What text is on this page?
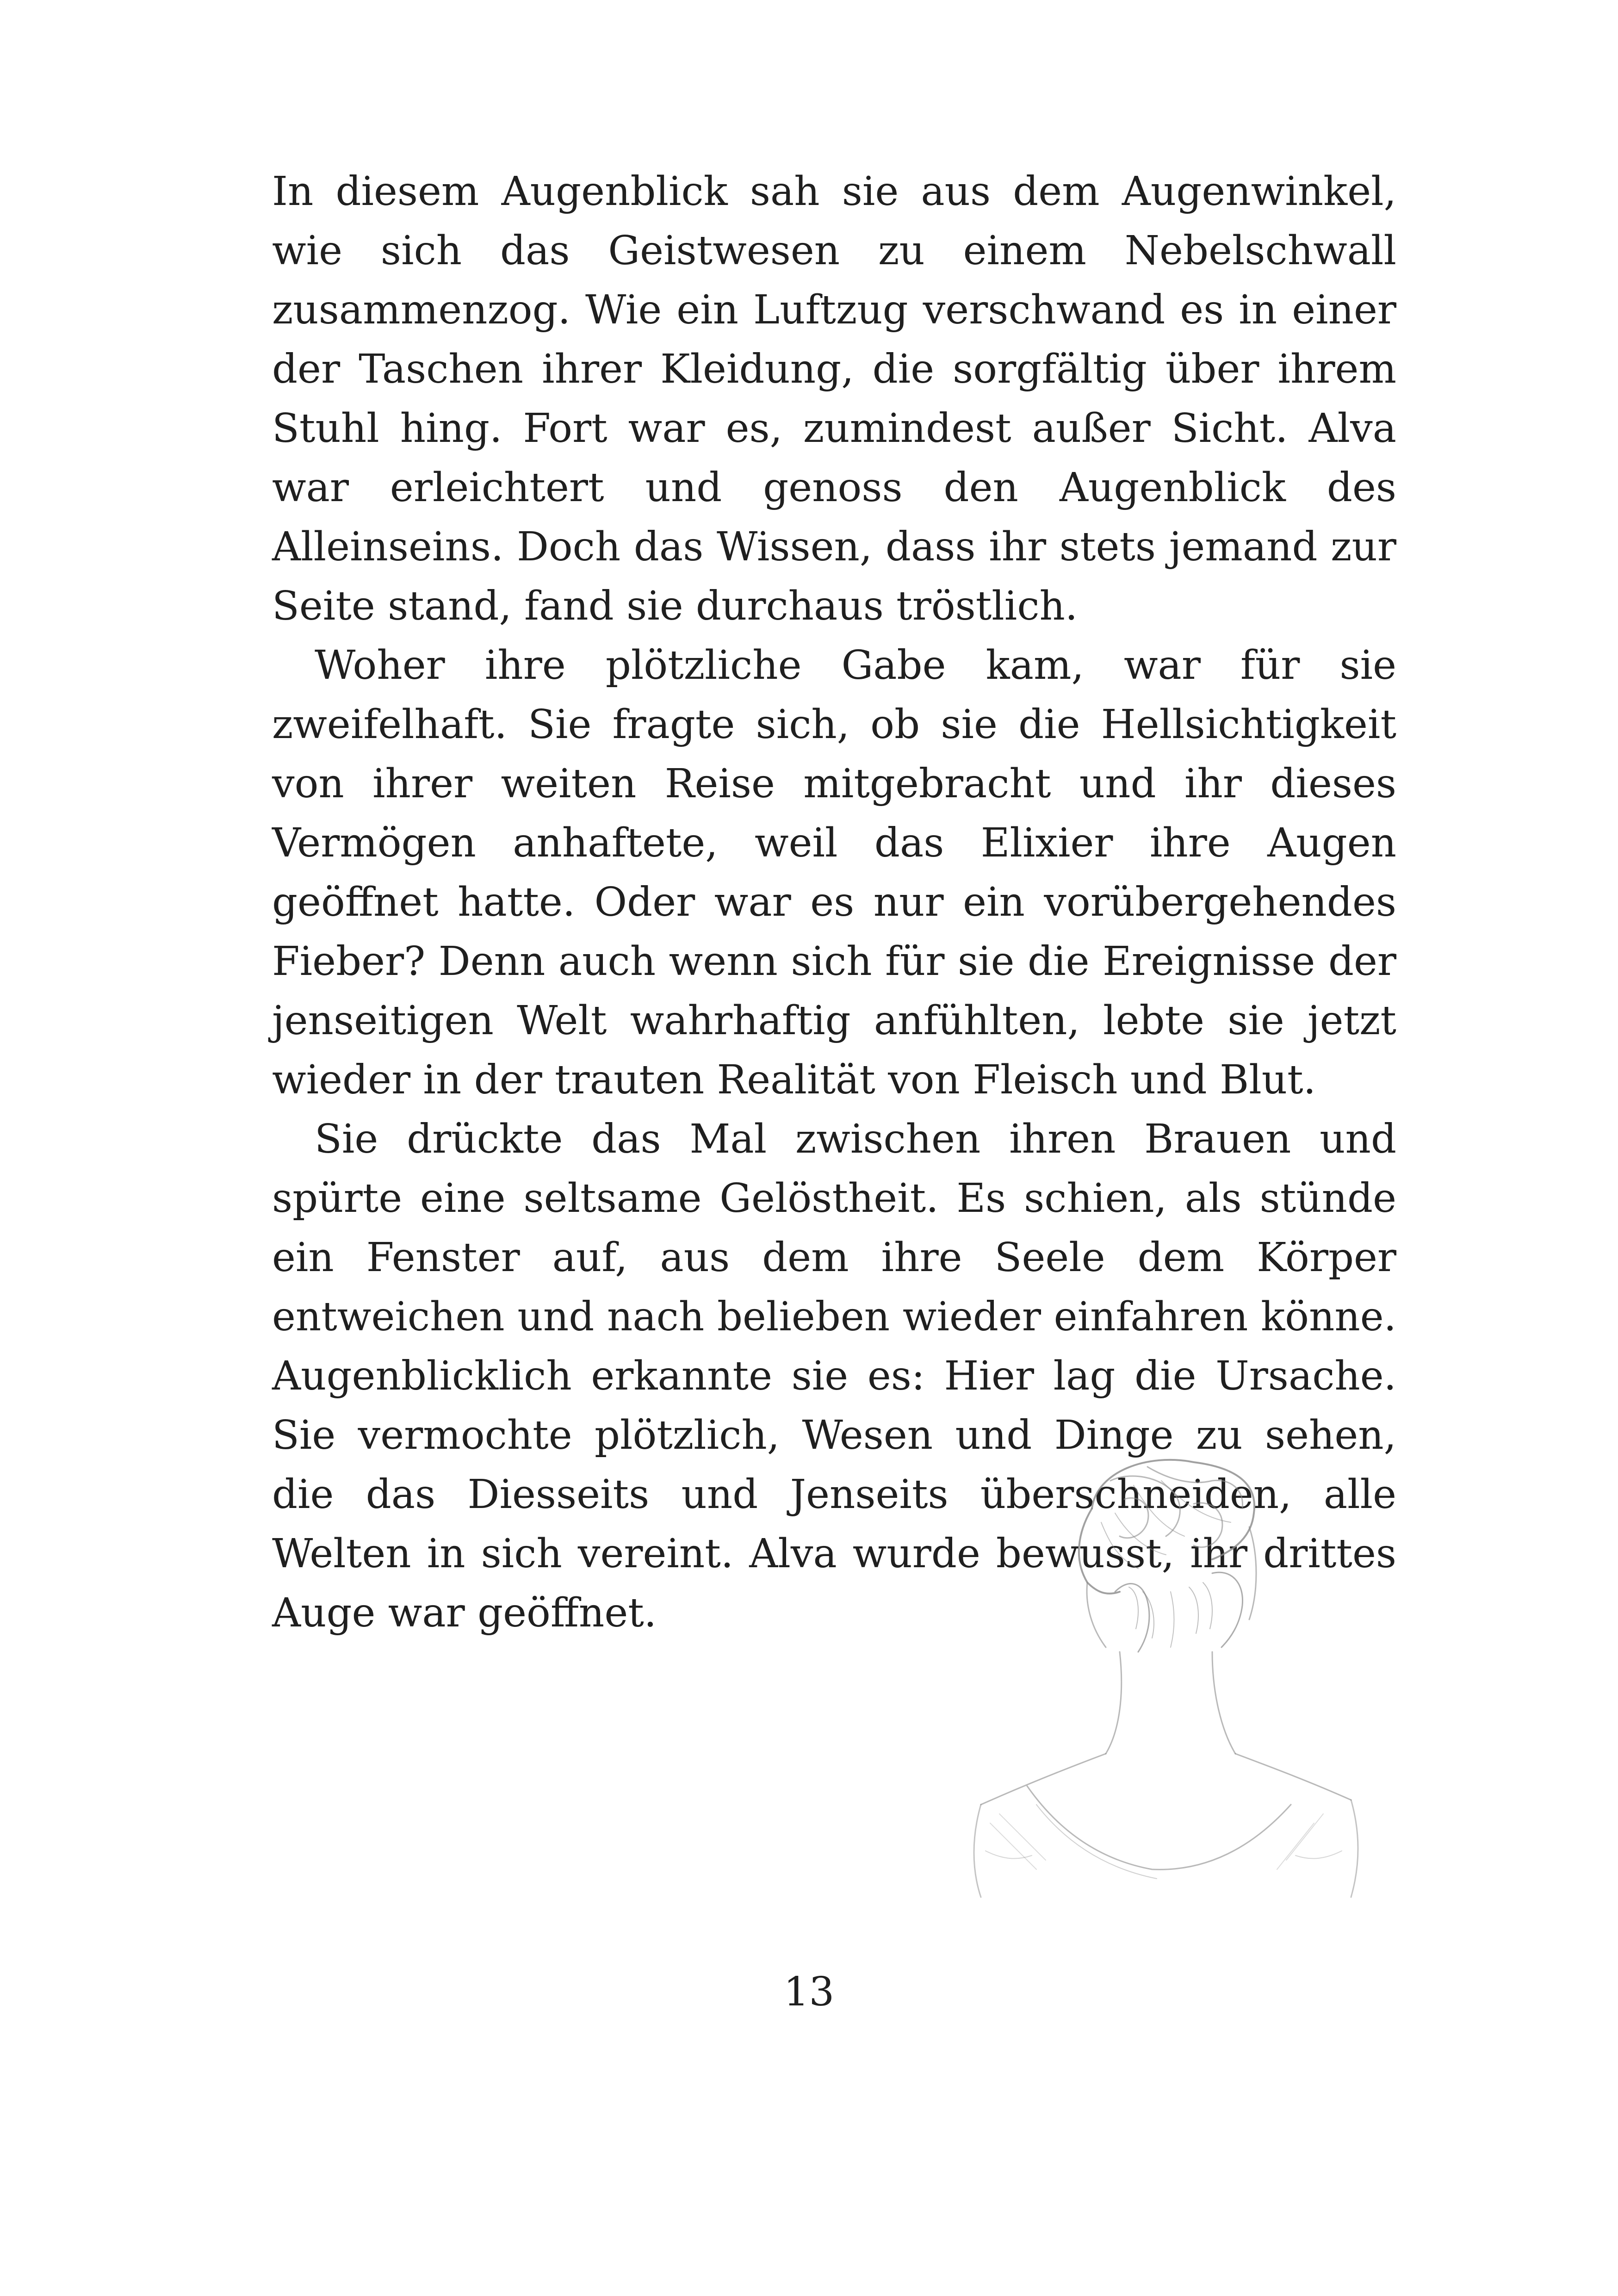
In diesem Augenblick sah sie aus dem Augenwinkel, wie sich das Geistwesen zu einem Nebelschwall zusammenzog. Wie ein Luftzug verschwand es in einer der Taschen ihrer Kleidung, die sorgfältig über ihrem Stuhl hing. Fort war es, zumindest außer Sicht. Alva war erleichtert und genoss den Augenblick des Alleinseins. Doch das Wissen, dass ihr stets jemand zur Seite stand, fand sie durchaus tröstlich.

Woher ihre plötzliche Gabe kam, war für sie zweifelhaft. Sie fragte sich, ob sie die Hellsichtigkeit von ihrer weiten Reise mitgebracht und ihr dieses Vermögen anhaftete, weil das Elixier ihre Augen geöffnet hatte. Oder war es nur ein vorübergehendes Fieber? Denn auch wenn sich für sie die Ereignisse der jenseitigen Welt wahrhaftig anfühlten, lebte sie jetzt wieder in der trauten Realität von Fleisch und Blut.

Sie drückte das Mal zwischen ihren Brauen und spürte eine seltsame Gelöstheit. Es schien, als stünde ein Fenster auf, aus dem ihre Seele dem Körper entweichen und nach belieben wieder einfahren könne. Augenblicklich erkannte sie es: Hier lag die Ursache. Sie vermochte plötzlich, Wesen und Dinge zu sehen, die das Diesseits und Jenseits überschneiden, alle Welten in sich vereint. Alva wurde bewusst, ihr drittes Auge war geöffnet.

13
